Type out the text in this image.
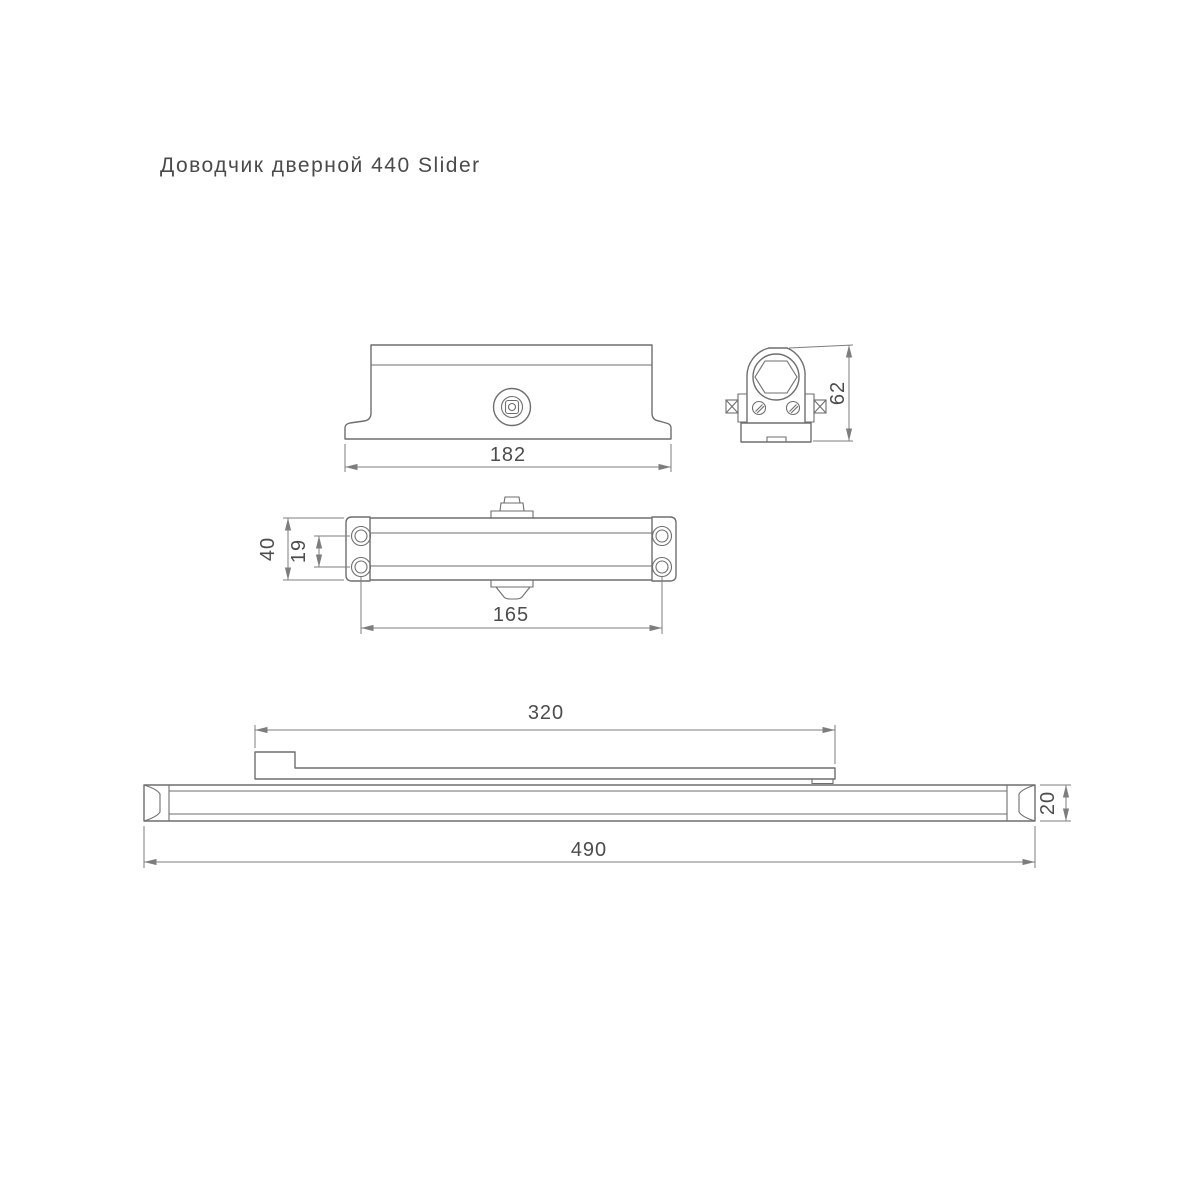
Доводчик дверной 440 Slider
182
62
40 19
165
320
490
20
